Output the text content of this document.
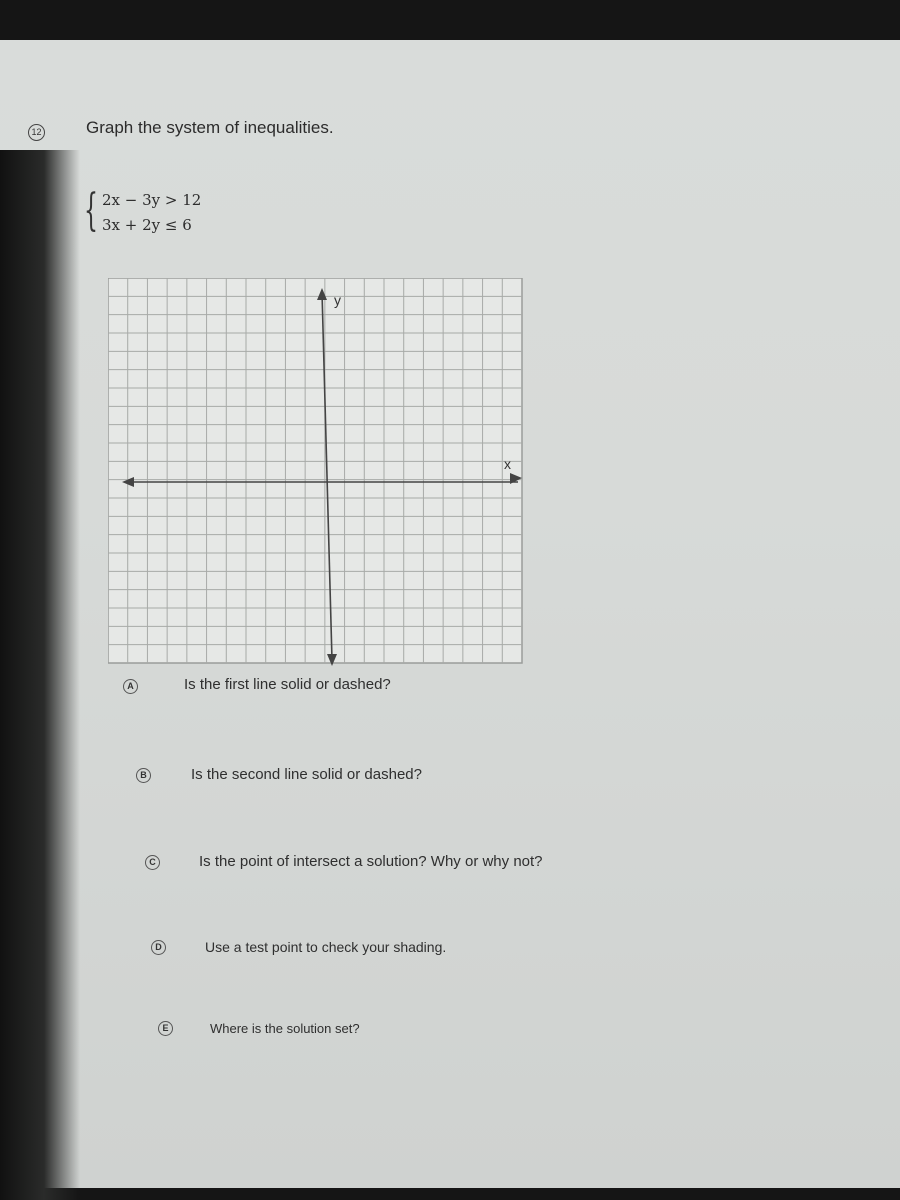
12	Graph the system of inequalities.
{ 2x − 3y > 12
3x + 2y ≤ 6
y
x
A	Is the first line solid or dashed?
B	Is the second line solid or dashed?
C	Is the point of intersect a solution? Why or why not?
D	Use a test point to check your shading.
E	Where is the solution set?
